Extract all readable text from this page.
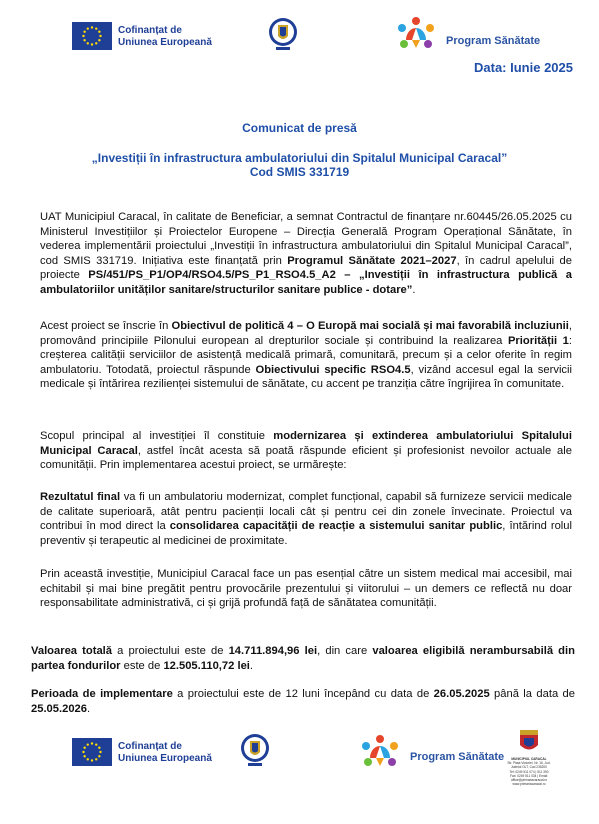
Cofinanțat de
Uniunea Europeană	Program Sănătate
Data: Iunie 2025
Comunicat de presă
„Investiții în infrastructura ambulatoriului din Spitalul Municipal Caracal”
Cod SMIS 331719

UAT Municipiul Caracal, în calitate de Beneficiar, a semnat Contractul de finanțare nr.60445/26.05.2025 cu Ministerul Investițiilor și Proiectelor Europene – Direcția Generală Program Operațional Sănătate, în vederea implementării proiectului „Investiții în infrastructura ambulatoriului din Spitalul Municipal Caracal”, cod SMIS 331719. Inițiativa este finanțată prin Programul Sănătate 2021–2027, în cadrul apelului de proiecte PS/451/PS_P1/OP4/RSO4.5/PS_P1_RSO4.5_A2 – „Investiții în infrastructura publică a ambulatoriilor unităților sanitare/structurilor sanitare publice - dotare”.

Acest proiect se înscrie în Obiectivul de politică 4 – O Europă mai socială și mai favorabilă incluziunii, promovând principiile Pilonului european al drepturilor sociale și contribuind la realizarea Priorității 1: creșterea calității serviciilor de asistență medicală primară, comunitară, precum și a celor oferite în regim ambulatoriu. Totodată, proiectul răspunde Obiectivului specific RSO4.5, vizând accesul egal la servicii medicale și întărirea rezilienței sistemului de sănătate, cu accent pe tranziția către îngrijirea în comunitate.

Scopul principal al investiției îl constituie modernizarea și extinderea ambulatoriului Spitalului Municipal Caracal, astfel încât acesta să poată răspunde eficient și profesionist nevoilor actuale ale comunității. Prin implementarea acestui proiect, se urmărește:

Rezultatul final va fi un ambulatoriu modernizat, complet funcțional, capabil să furnizeze servicii medicale de calitate superioară, atât pentru pacienții locali cât și pentru cei din zonele învecinate. Proiectul va contribui în mod direct la consolidarea capacității de reacție a sistemului sanitar public, întărind rolul preventiv și terapeutic al medicinei de proximitate.

Prin această investiție, Municipiul Caracal face un pas esențial către un sistem medical mai accesibil, mai echitabil și mai bine pregătit pentru provocările prezentului și viitorului – un demers ce reflectă nu doar responsabilitate administrativă, ci și grijă profundă față de sănătatea comunității.

Valoarea totală a proiectului este de 14.711.894,96 lei, din care valoarea eligibilă nerambursabilă din partea fondurilor este de 12.505.110,72 lei.

Perioada de implementare a proiectului este de 12 luni începând cu data de 26.05.2025 până la data de 25.05.2026.

Cofinanțat de
Uniunea Europeană	Program Sănătate	MUNICIPIUL CARACAL
Str. Piața Victoriei, Nr. 16, Jud.
Județul OLT, Cod 235200
Tel: 0249 511 074 | 511 390
Fax: 0249 511 034 | Email:
office@primariacaracal.ro
www.primariacaracal.ro
